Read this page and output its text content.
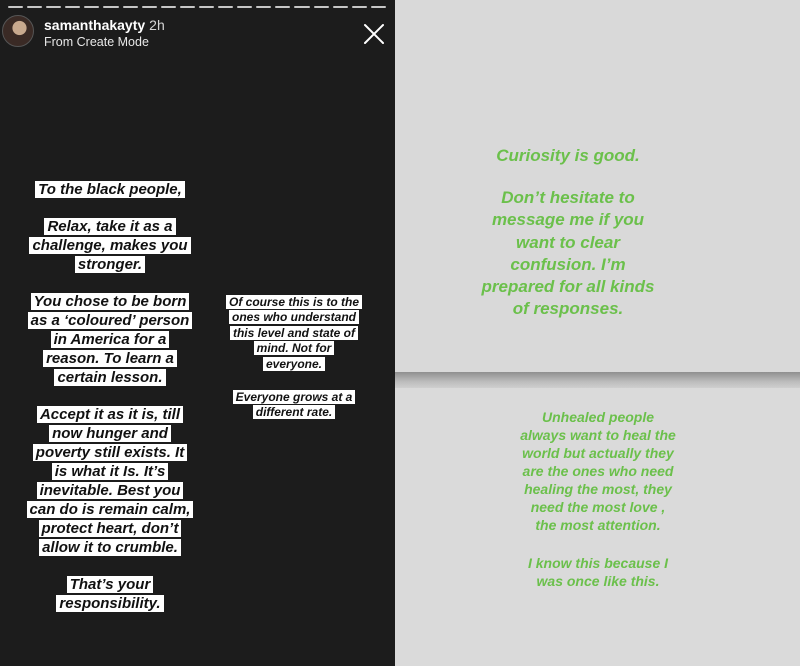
samanthakayty 2h
From Create Mode

To the black people,

Relax, take it as a
challenge, makes you
stronger.

You chose to be born
as a ‘coloured’ person
in America for a
reason. To learn a
certain lesson.

Accept it as it is, till
now hunger and
poverty still exists. It
is what it Is. It’s
inevitable. Best you
can do is remain calm,
protect heart, don’t
allow it to crumble.

That’s your
responsibility.

Of course this is to the
ones who understand
this level and state of
mind. Not for
everyone.

Everyone grows at a
different rate.

Curiosity is good.
Don’t hesitate to
message me if you
want to clear
confusion. I’m
prepared for all kinds
of responses.
Unhealed people
always want to heal the
world but actually they
are the ones who need
healing the most, they
need the most love ,
the most attention.
I know this because I
was once like this.
